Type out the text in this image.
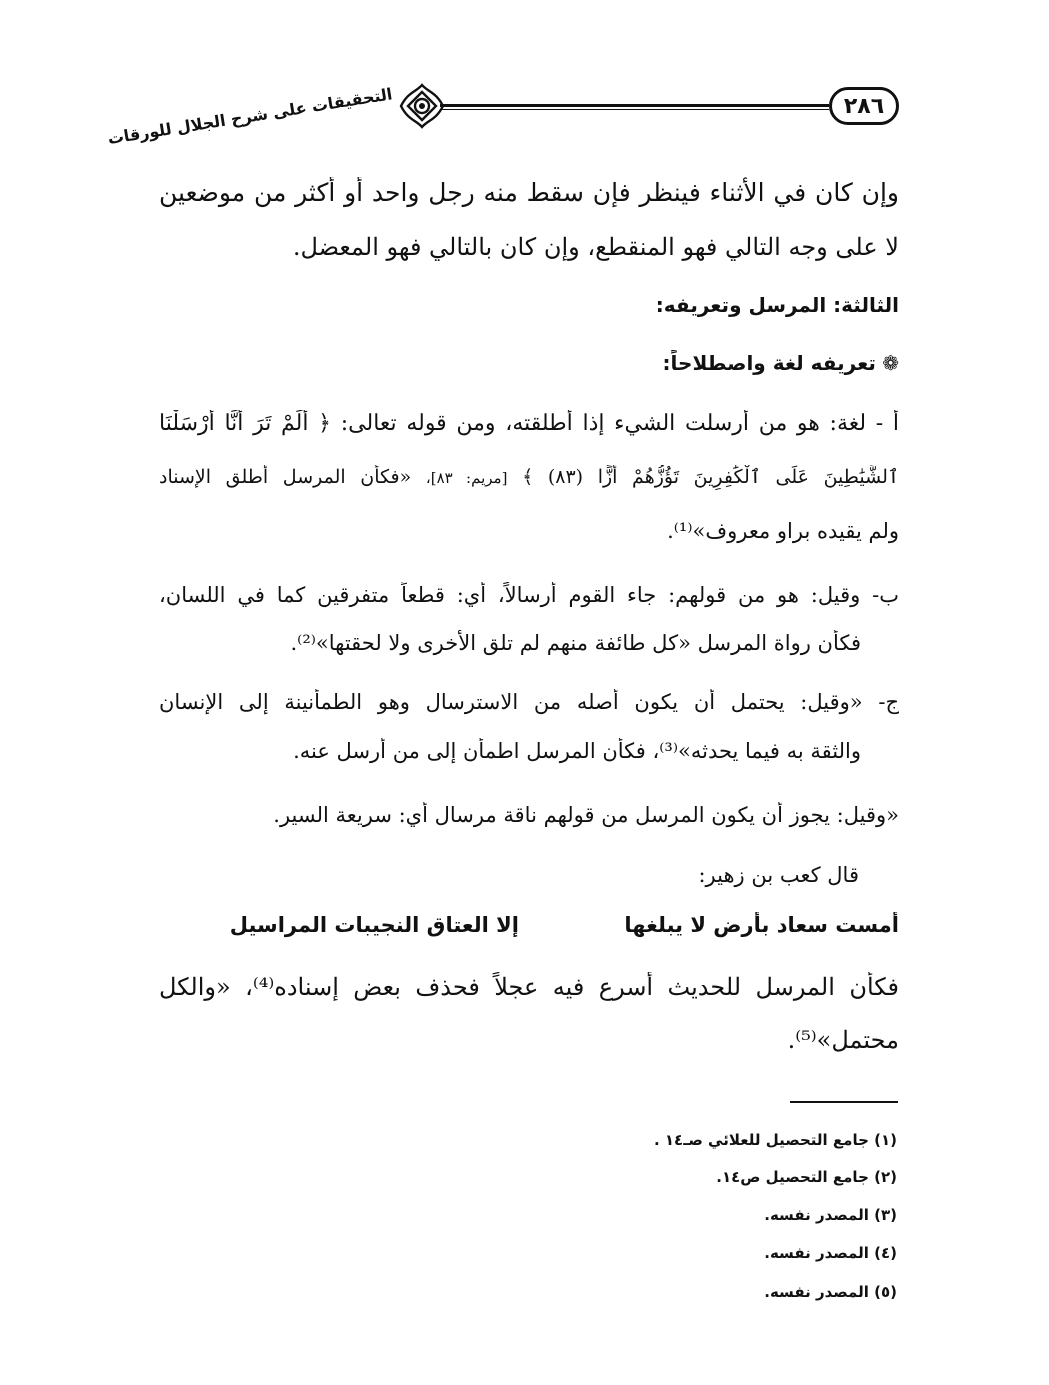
٢٨٦
التحقيقات على شرح الجلال للورقات
وإن كان في الأثناء فينظر فإن سقط منه رجل واحد أو أكثر من موضعين
لا على وجه التالي فهو المنقطع، وإن كان بالتالي فهو المعضل.
الثالثة: المرسل وتعريفه:
❁ تعريفه لغة واصطلاحاً:
أ - لغة: هو من أرسلت الشيء إذا أطلقته، ومن قوله تعالى: ﴿ أَلَمْ تَرَ أَنَّا أَرْسَلْنَا
ٱلشَّيَٰطِينَ عَلَى ٱلْكَٰفِرِينَ تَؤُزُّهُمْ أَزًّا (٨٣) ﴾ [مريم: ٨٣]، «فكأن المرسل أطلق الإسناد
ولم يقيده براو معروف»⁽¹⁾.
ب- وقيل: هو من قولهم: جاء القوم أرسالاً، أي: قطعاً متفرقين كما في اللسان،
فكأن رواة المرسل «كل طائفة منهم لم تلق الأخرى ولا لحقتها»⁽²⁾.
ج- «وقيل: يحتمل أن يكون أصله من الاسترسال وهو الطمأنينة إلى الإنسان
والثقة به فيما يحدثه»⁽³⁾، فكأن المرسل اطمأن إلى من أرسل عنه.
«وقيل: يجوز أن يكون المرسل من قولهم ناقة مرسال أي: سريعة السير.
قال كعب بن زهير:
أمست سعاد بأرض لا يبلغها
إلا العتاق النجيبات المراسيل
فكأن المرسل للحديث أسرع فيه عجلاً فحذف بعض إسناده⁽⁴⁾، «والكل
محتمل»⁽⁵⁾.
(١) جامع التحصيل للعلائي صـ١٤ .
(٢) جامع التحصيل ص١٤.
(٣) المصدر نفسه.
(٤) المصدر نفسه.
(٥) المصدر نفسه.
